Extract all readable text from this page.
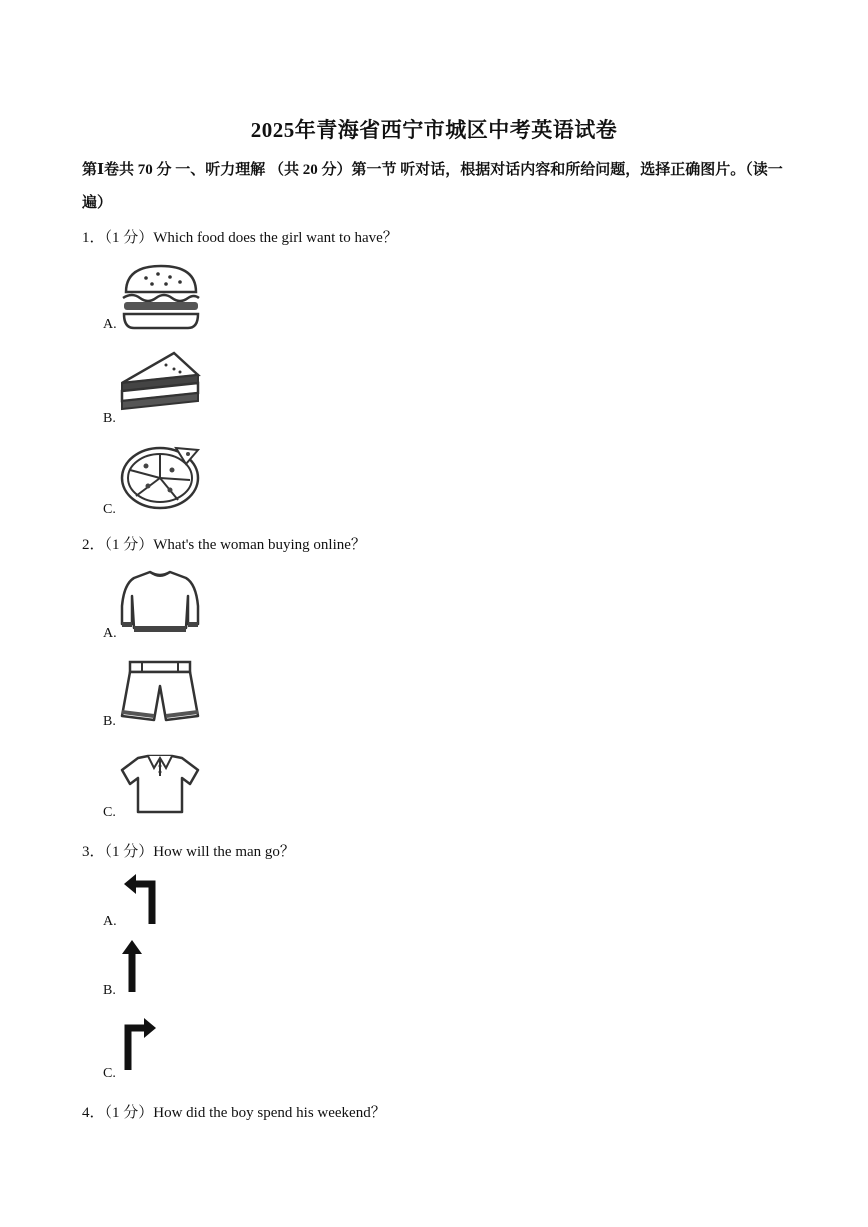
2025年青海省西宁市城区中考英语试卷
第Ⅰ卷共 70 分 一、听力理解 （共 20 分）第一节 听对话，根据对话内容和所给问题，选择正确图片。（读一遍）
1．（1 分）Which food does the girl want to have？
A.
B.
C.
2．（1 分）What's the woman buying online？
A.
B.
C.
3．（1 分）How will the man go？
A.
B.
C.
4．（1 分）How did the boy spend his weekend？
